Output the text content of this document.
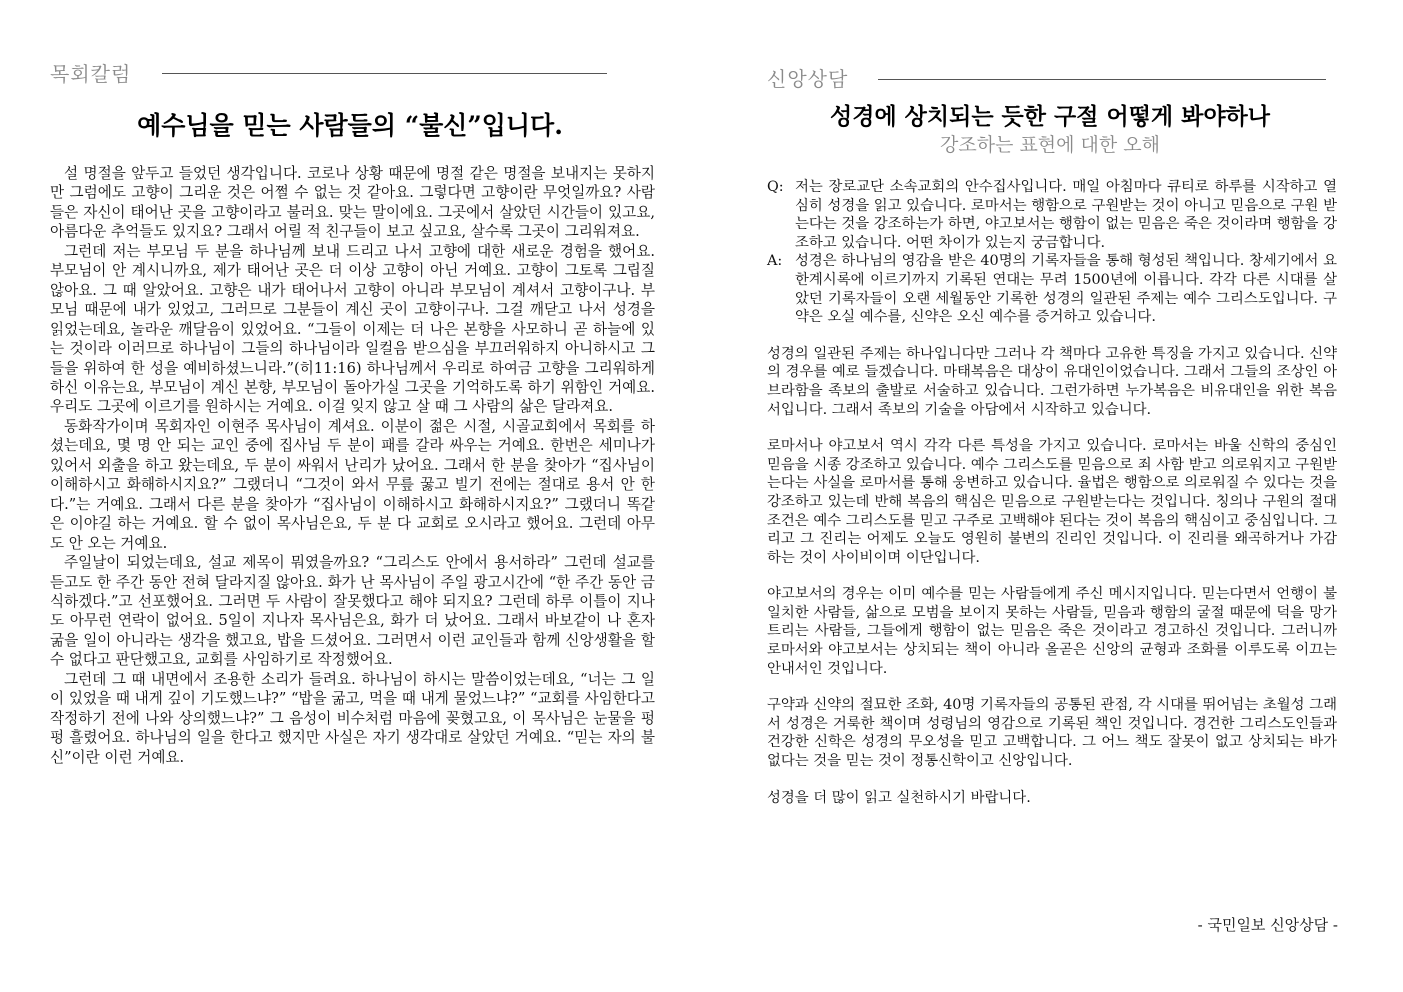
목회칼럼
예수님을 믿는 사람들의 “불신”입니다.

설 명절을 앞두고 들었던 생각입니다. 코로나 상황 때문에 명절 같은 명절을 보내지는 못하지만 그럼에도 고향이 그리운 것은 어쩔 수 없는 것 같아요. 그렇다면 고향이란 무엇일까요? 사람들은 자신이 태어난 곳을 고향이라고 불러요. 맞는 말이에요. 그곳에서 살았던 시간들이 있고요, 아름다운 추억들도 있지요? 그래서 어릴 적 친구들이 보고 싶고요, 살수록 그곳이 그리워져요.

그런데 저는 부모님 두 분을 하나님께 보내 드리고 나서 고향에 대한 새로운 경험을 했어요. 부모님이 안 계시니까요, 제가 태어난 곳은 더 이상 고향이 아닌 거예요. 고향이 그토록 그립질 않아요. 그 때 알았어요. 고향은 내가 태어나서 고향이 아니라 부모님이 계셔서 고향이구나. 부모님 때문에 내가 있었고, 그러므로 그분들이 계신 곳이 고향이구나. 그걸 깨닫고 나서 성경을 읽었는데요, 놀라운 깨달음이 있었어요. “그들이 이제는 더 나은 본향을 사모하니 곧 하늘에 있는 것이라 이러므로 하나님이 그들의 하나님이라 일컬음 받으심을 부끄러워하지 아니하시고 그들을 위하여 한 성을 예비하셨느니라.”(히11:16) 하나님께서 우리로 하여금 고향을 그리워하게 하신 이유는요, 부모님이 계신 본향, 부모님이 돌아가실 그곳을 기억하도록 하기 위함인 거예요. 우리도 그곳에 이르기를 원하시는 거예요. 이걸 잊지 않고 살 때 그 사람의 삶은 달라져요.

동화작가이며 목회자인 이현주 목사님이 계셔요. 이분이 젊은 시절, 시골교회에서 목회를 하셨는데요, 몇 명 안 되는 교인 중에 집사님 두 분이 패를 갈라 싸우는 거예요. 한번은 세미나가 있어서 외출을 하고 왔는데요, 두 분이 싸워서 난리가 났어요. 그래서 한 분을 찾아가 “집사님이 이해하시고 화해하시지요?” 그랬더니 “그것이 와서 무릎 꿇고 빌기 전에는 절대로 용서 안 한다.”는 거예요. 그래서 다른 분을 찾아가 “집사님이 이해하시고 화해하시지요?” 그랬더니 똑같은 이야길 하는 거예요. 할 수 없이 목사님은요, 두 분 다 교회로 오시라고 했어요. 그런데 아무도 안 오는 거예요.

주일날이 되었는데요, 설교 제목이 뭐였을까요? “그리스도 안에서 용서하라” 그런데 설교를 듣고도 한 주간 동안 전혀 달라지질 않아요. 화가 난 목사님이 주일 광고시간에 “한 주간 동안 금식하겠다.”고 선포했어요. 그러면 두 사람이 잘못했다고 해야 되지요? 그런데 하루 이틀이 지나도 아무런 연락이 없어요. 5일이 지나자 목사님은요, 화가 더 났어요. 그래서 바보같이 나 혼자 굶을 일이 아니라는 생각을 했고요, 밥을 드셨어요. 그러면서 이런 교인들과 함께 신앙생활을 할 수 없다고 판단했고요, 교회를 사임하기로 작정했어요.

그런데 그 때 내면에서 조용한 소리가 들려요. 하나님이 하시는 말씀이었는데요, “너는 그 일이 있었을 때 내게 깊이 기도했느냐?” “밥을 굶고, 먹을 때 내게 물었느냐?” “교회를 사임한다고 작정하기 전에 나와 상의했느냐?” 그 음성이 비수처럼 마음에 꽂혔고요, 이 목사님은 눈물을 펑펑 흘렸어요. 하나님의 일을 한다고 했지만 사실은 자기 생각대로 살았던 거예요. “믿는 자의 불신”이란 이런 거예요.

신앙상담
성경에 상치되는 듯한 구절 어떻게 봐야하나
강조하는 표현에 대한 오해
Q: 저는 장로교단 소속교회의 안수집사입니다. 매일 아침마다 큐티로 하루를 시작하고 열심히 성경을 읽고 있습니다. 로마서는 행함으로 구원받는 것이 아니고 믿음으로 구원 받는다는 것을 강조하는가 하면, 야고보서는 행함이 없는 믿음은 죽은 것이라며 행함을 강조하고 있습니다. 어떤 차이가 있는지 궁금합니다.
A: 성경은 하나님의 영감을 받은 40명의 기록자들을 통해 형성된 책입니다. 창세기에서 요한계시록에 이르기까지 기록된 연대는 무려 1500년에 이릅니다. 각각 다른 시대를 살았던 기록자들이 오랜 세월동안 기록한 성경의 일관된 주제는 예수 그리스도입니다. 구약은 오실 예수를, 신약은 오신 예수를 증거하고 있습니다.

성경의 일관된 주제는 하나입니다만 그러나 각 책마다 고유한 특징을 가지고 있습니다. 신약의 경우를 예로 들겠습니다. 마태복음은 대상이 유대인이었습니다. 그래서 그들의 조상인 아브라함을 족보의 출발로 서술하고 있습니다. 그런가하면 누가복음은 비유대인을 위한 복음서입니다. 그래서 족보의 기술을 아담에서 시작하고 있습니다.

로마서나 야고보서 역시 각각 다른 특성을 가지고 있습니다. 로마서는 바울 신학의 중심인 믿음을 시종 강조하고 있습니다. 예수 그리스도를 믿음으로 죄 사함 받고 의로워지고 구원받는다는 사실을 로마서를 통해 웅변하고 있습니다. 율법은 행함으로 의로워질 수 있다는 것을 강조하고 있는데 반해 복음의 핵심은 믿음으로 구원받는다는 것입니다. 칭의나 구원의 절대조건은 예수 그리스도를 믿고 구주로 고백해야 된다는 것이 복음의 핵심이고 중심입니다. 그리고 그 진리는 어제도 오늘도 영원히 불변의 진리인 것입니다. 이 진리를 왜곡하거나 가감하는 것이 사이비이며 이단입니다.

야고보서의 경우는 이미 예수를 믿는 사람들에게 주신 메시지입니다. 믿는다면서 언행이 불일치한 사람들, 삶으로 모범을 보이지 못하는 사람들, 믿음과 행함의 굴절 때문에 덕을 망가트리는 사람들, 그들에게 행함이 없는 믿음은 죽은 것이라고 경고하신 것입니다. 그러니까 로마서와 야고보서는 상치되는 책이 아니라 올곧은 신앙의 균형과 조화를 이루도록 이끄는 안내서인 것입니다.

구약과 신약의 절묘한 조화, 40명 기록자들의 공통된 관점, 각 시대를 뛰어넘는 초월성 그래서 성경은 거룩한 책이며 성령님의 영감으로 기록된 책인 것입니다. 경건한 그리스도인들과 건강한 신학은 성경의 무오성을 믿고 고백합니다. 그 어느 책도 잘못이 없고 상치되는 바가 없다는 것을 믿는 것이 정통신학이고 신앙입니다.

성경을 더 많이 읽고 실천하시기 바랍니다.
- 국민일보 신앙상담 -
